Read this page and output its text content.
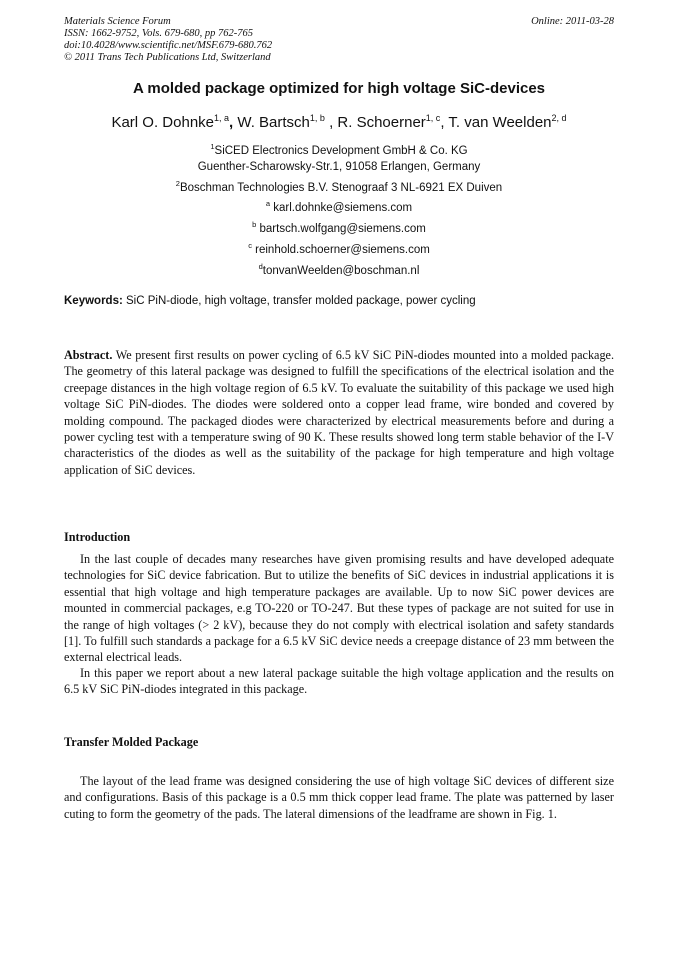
Materials Science Forum
ISSN: 1662-9752, Vols. 679-680, pp 762-765
doi:10.4028/www.scientific.net/MSF.679-680.762
© 2011 Trans Tech Publications Ltd, Switzerland
Online: 2011-03-28
A molded package optimized for high voltage SiC-devices
Karl O. Dohnke$^{1, a}$, W. Bartsch$^{1, b}$ , R. Schoerner$^{1, c}$, T. van Weelden$^{2, d}$
$^1$SiCED Electronics Development GmbH & Co. KG
Guenther-Scharowsky-Str.1, 91058 Erlangen, Germany
$^2$Boschman Technologies B.V. Stenograaf 3 NL-6921 EX Duiven
$^a$ karl.dohnke@siemens.com
$^b$ bartsch.wolfgang@siemens.com
$^c$ reinhold.schoerner@siemens.com
$^d$tonvanWeelden@boschman.nl
Keywords: SiC PiN-diode, high voltage, transfer molded package, power cycling
Abstract. We present first results on power cycling of 6.5 kV SiC PiN-diodes mounted into a molded package. The geometry of this lateral package was designed to fulfill the specifications of the electrical isolation and the creepage distances in the high voltage region of 6.5 kV. To evaluate the suitability of this package we used high voltage SiC PiN-diodes. The diodes were soldered onto a copper lead frame, wire bonded and covered by molding compound. The packaged diodes were characterized by electrical measurements before and during a power cycling test with a temperature swing of 90 K. These results showed long term stable behavior of the I-V characteristics of the diodes as well as the suitability of the package for high temperature and high voltage application of SiC devices.
Introduction
In the last couple of decades many researches have given promising results and have developed adequate technologies for SiC device fabrication. But to utilize the benefits of SiC devices in industrial applications it is essential that high voltage and high temperature packages are available. Up to now SiC power devices are mounted in commercial packages, e.g TO-220 or TO-247. But these types of package are not suited for use in the range of high voltages (> 2 kV), because they do not comply with electrical isolation and safety standards [1]. To fulfill such standards a package for a 6.5 kV SiC device needs a creepage distance of 23 mm between the external electrical leads.
In this paper we report about a new lateral package suitable the high voltage application and the results on 6.5 kV SiC PiN-diodes integrated in this package.
Transfer Molded Package
The layout of the lead frame was designed considering the use of high voltage SiC devices of different size and configurations. Basis of this package is a 0.5 mm thick copper lead frame. The plate was patterned by laser cuting to form the geometry of the pads. The lateral dimensions of the leadframe are shown in Fig. 1.
